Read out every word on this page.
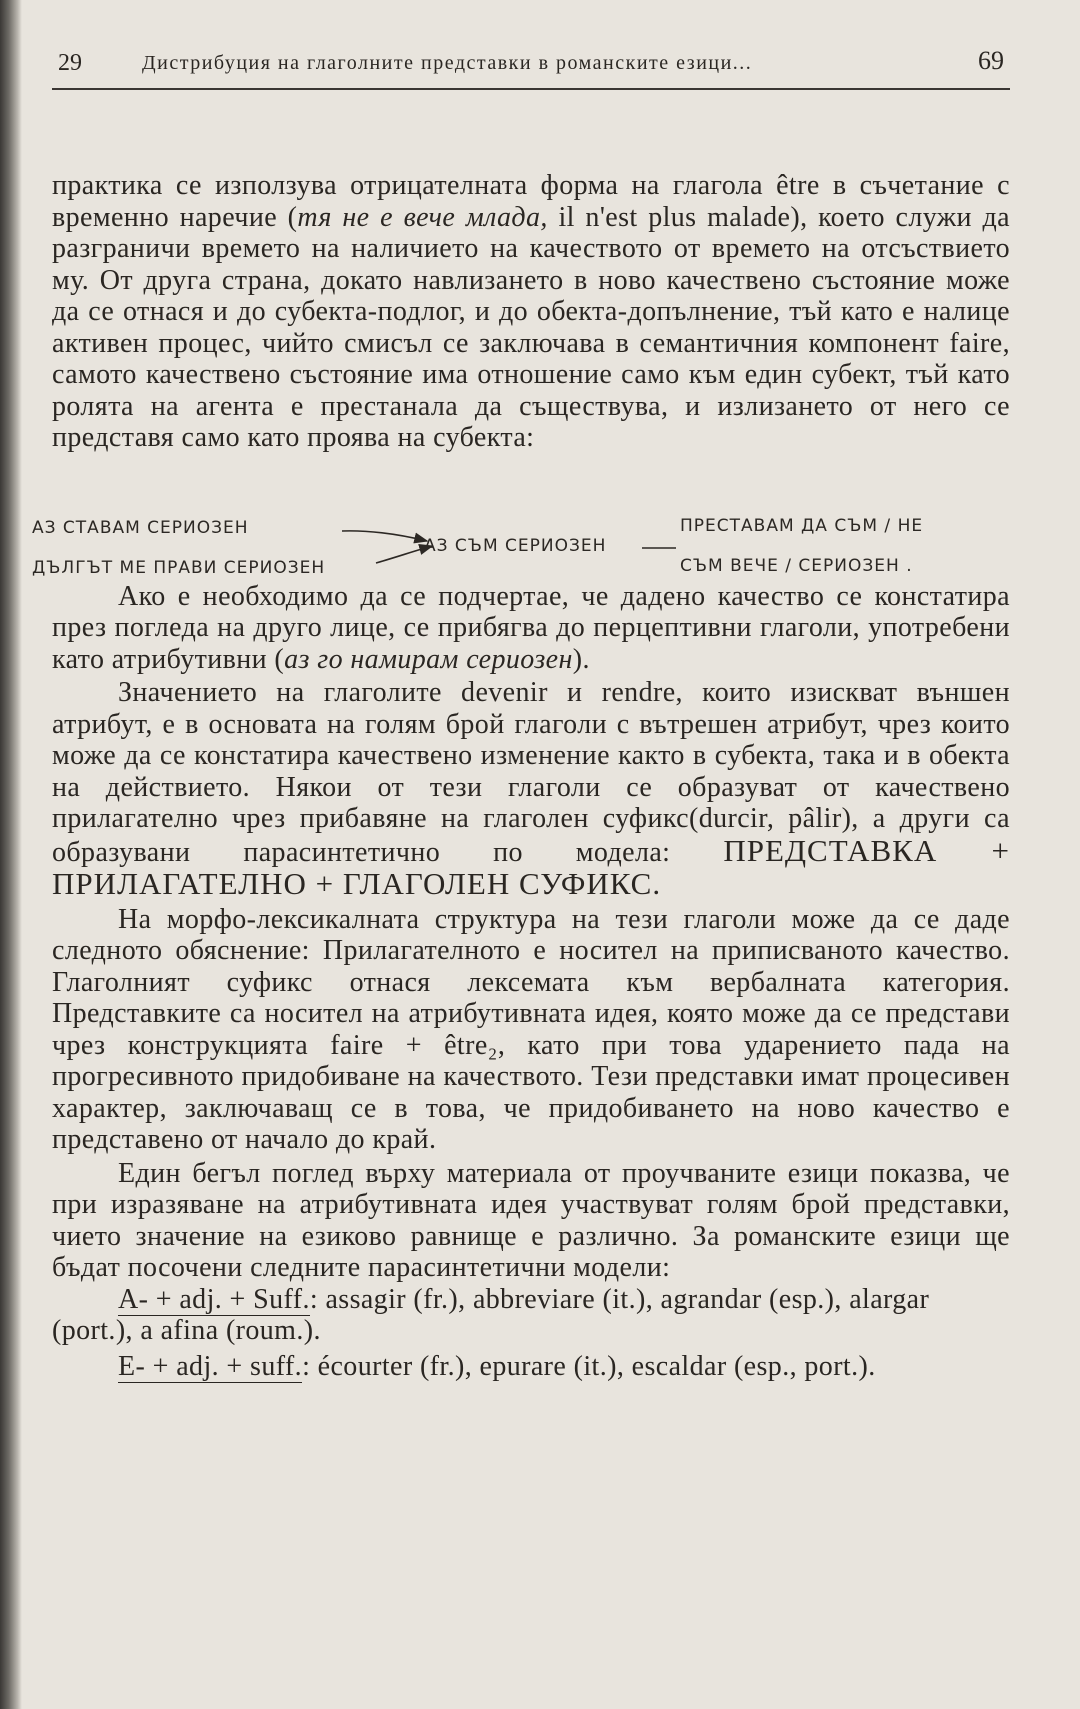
29	Дистрибуция на глаголните представки в романските езици...	69

практика се използува отрицателната форма на глагола être в съчетание с временно наречие (тя не е вече млада, il n'est plus malade), което служи да разграничи времето на наличието на качеството от времето на отсъствието му. От друга страна, докато навлизането в ново качествено състояние може да се отнася и до субекта-подлог, и до обекта-допълнение, тъй като е налице активен процес, чийто смисъл се заключава в семантичния компонент faire, самото качествено състояние има отношение само към един субект, тъй като ролята на агента е престанала да съществува, и излизането от него се представя само като проява на субекта:

АЗ СТАВАМ СЕРИОЗЕН
ДЪЛГЪТ МЕ ПРАВИ СЕРИОЗЕН
АЗ СЪМ СЕРИОЗЕН
ПРЕСТАВАМ ДА СЪМ / НЕ
СЪМ ВЕЧЕ / СЕРИОЗЕН .

Ако е необходимо да се подчертае, че дадено качество се констатира през погледа на друго лице, се прибягва до перцептивни глаголи, употребени като атрибутивни (аз го намирам сериозен).

Значението на глаголите devenir и rendre, които изискват външен атрибут, е в основата на голям брой глаголи с вътрешен атрибут, чрез които може да се констатира качествено изменение както в субекта, така и в обекта на действието. Някои от тези глаголи се образуват от качествено прилагателно чрез прибавяне на глаголен суфикс(durcir, pâlir), а други са образувани парасинтетично по модела: ПРЕДСТАВКА + ПРИЛАГАТЕЛНО + ГЛАГОЛЕН СУФИКС.

На морфо-лексикалната структура на тези глаголи може да се даде следното обяснение: Прилагателното е носител на приписваното качество. Глаголният суфикс отнася лексемата към вербалната категория. Представките са носител на атрибутивната идея, която може да се представи чрез конструкцията faire + être₂, като при това ударението пада на прогресивното придобиване на качеството. Тези представки имат процесивен характер, заключаващ се в това, че придобиването на ново качество е представено от начало до край.

Един бегъл поглед върху материала от проучваните езици показва, че при изразяване на атрибутивната идея участвуват голям брой представки, чието значение на езиково равнище е различно. За романските езици ще бъдат посочени следните парасинтетични модели:

А- + adj. + Suff.: assagir (fr.), abbreviare (it.), agrandar (esp.), alargar (port.), a afina (roum.).

Е- + adj. + suff.: écourter (fr.), epurare (it.), escaldar (esp., port.).
